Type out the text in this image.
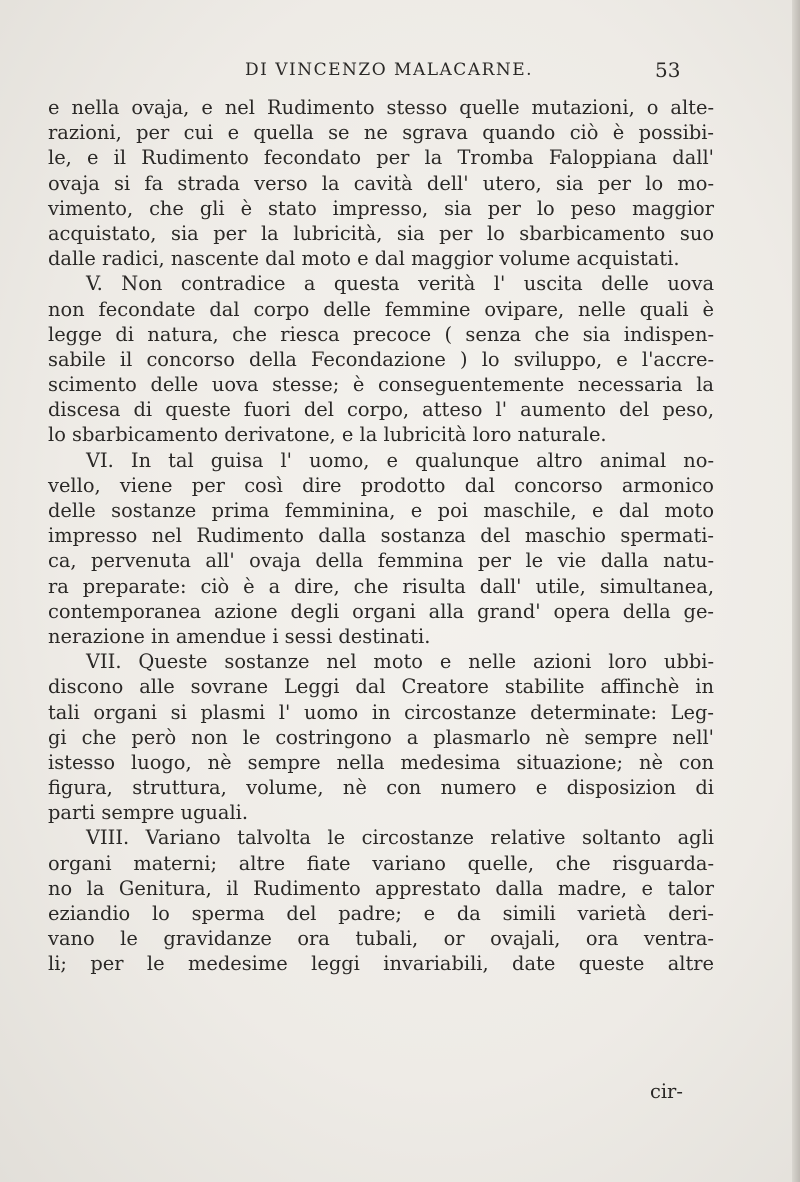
DI VINCENZO MALACARNE.	53
e nella ovaja, e nel Rudimento stesso quelle mutazioni, o alte-
razioni, per cui e quella se ne sgrava quando ciò è possibi-
le, e il Rudimento fecondato per la Tromba Faloppiana dall'
ovaja si fa strada verso la cavità dell' utero, sia per lo mo-
vimento, che gli è stato impresso, sia per lo peso maggior
acquistato, sia per la lubricità, sia per lo sbarbicamento suo
dalle radici, nascente dal moto e dal maggior volume acquistati.
V. Non contradice a questa verità l' uscita delle uova
non fecondate dal corpo delle femmine ovipare, nelle quali è
legge di natura, che riesca precoce ( senza che sia indispen-
sabile il concorso della Fecondazione ) lo sviluppo, e l'accre-
scimento delle uova stesse; è conseguentemente necessaria la
discesa di queste fuori del corpo, atteso l' aumento del peso,
lo sbarbicamento derivatone, e la lubricità loro naturale.
VI. In tal guisa l' uomo, e qualunque altro animal no-
vello, viene per così dire prodotto dal concorso armonico
delle sostanze prima femminina, e poi maschile, e dal moto
impresso nel Rudimento dalla sostanza del maschio spermati-
ca, pervenuta all' ovaja della femmina per le vie dalla natu-
ra preparate: ciò è a dire, che risulta dall' utile, simultanea,
contemporanea azione degli organi alla grand' opera della ge-
nerazione in amendue i sessi destinati.
VII. Queste sostanze nel moto e nelle azioni loro ubbi-
discono alle sovrane Leggi dal Creatore stabilite affinchè in
tali organi si plasmi l' uomo in circostanze determinate: Leg-
gi che però non le costringono a plasmarlo nè sempre nell'
istesso luogo, nè sempre nella medesima situazione; nè con
figura, struttura, volume, nè con numero e disposizion di
parti sempre uguali.
VIII. Variano talvolta le circostanze relative soltanto agli
organi materni; altre fiate variano quelle, che risguarda-
no la Genitura, il Rudimento apprestato dalla madre, e talor
eziandio lo sperma del padre; e da simili varietà deri-
vano le gravidanze ora tubali, or ovajali, ora ventra-
li; per le medesime leggi invariabili, date queste altre
cir-
